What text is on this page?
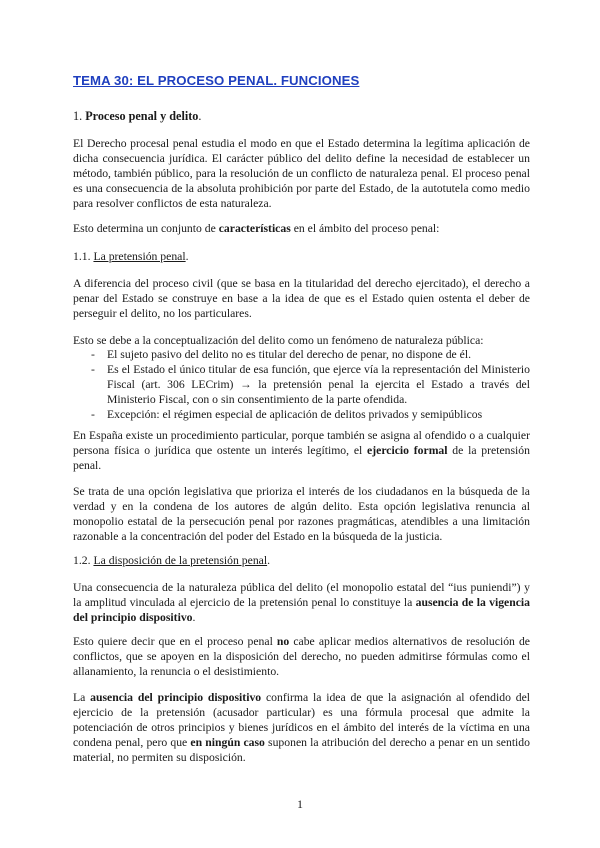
TEMA 30: EL PROCESO PENAL. FUNCIONES
1. Proceso penal y delito.
El Derecho procesal penal estudia el modo en que el Estado determina la legítima aplicación de dicha consecuencia jurídica. El carácter público del delito define la necesidad de establecer un método, también público, para la resolución de un conflicto de naturaleza penal. El proceso penal es una consecuencia de la absoluta prohibición por parte del Estado, de la autotutela como medio para resolver conflictos de esta naturaleza.
Esto determina un conjunto de características en el ámbito del proceso penal:
1.1. La pretensión penal.
A diferencia del proceso civil (que se basa en la titularidad del derecho ejercitado), el derecho a penar del Estado se construye en base a la idea de que es el Estado quien ostenta el deber de perseguir el delito, no los particulares.
Esto se debe a la conceptualización del delito como un fenómeno de naturaleza pública:
- El sujeto pasivo del delito no es titular del derecho de penar, no dispone de él.
- Es el Estado el único titular de esa función, que ejerce vía la representación del Ministerio Fiscal (art. 306 LECrim) → la pretensión penal la ejercita el Estado a través del Ministerio Fiscal, con o sin consentimiento de la parte ofendida.
- Excepción: el régimen especial de aplicación de delitos privados y semipúblicos
En España existe un procedimiento particular, porque también se asigna al ofendido o a cualquier persona física o jurídica que ostente un interés legítimo, el ejercicio formal de la pretensión penal.
Se trata de una opción legislativa que prioriza el interés de los ciudadanos en la búsqueda de la verdad y en la condena de los autores de algún delito. Esta opción legislativa renuncia al monopolio estatal de la persecución penal por razones pragmáticas, atendibles a una limitación razonable a la concentración del poder del Estado en la búsqueda de la justicia.
1.2. La disposición de la pretensión penal.
Una consecuencia de la naturaleza pública del delito (el monopolio estatal del “ius puniendi”) y la amplitud vinculada al ejercicio de la pretensión penal lo constituye la ausencia de la vigencia del principio dispositivo.
Esto quiere decir que en el proceso penal no cabe aplicar medios alternativos de resolución de conflictos, que se apoyen en la disposición del derecho, no pueden admitirse fórmulas como el allanamiento, la renuncia o el desistimiento.
La ausencia del principio dispositivo confirma la idea de que la asignación al ofendido del ejercicio de la pretensión (acusador particular) es una fórmula procesal que admite la potenciación de otros principios y bienes jurídicos en el ámbito del interés de la víctima en una condena penal, pero que en ningún caso suponen la atribución del derecho a penar en un sentido material, no permiten su disposición.
1
